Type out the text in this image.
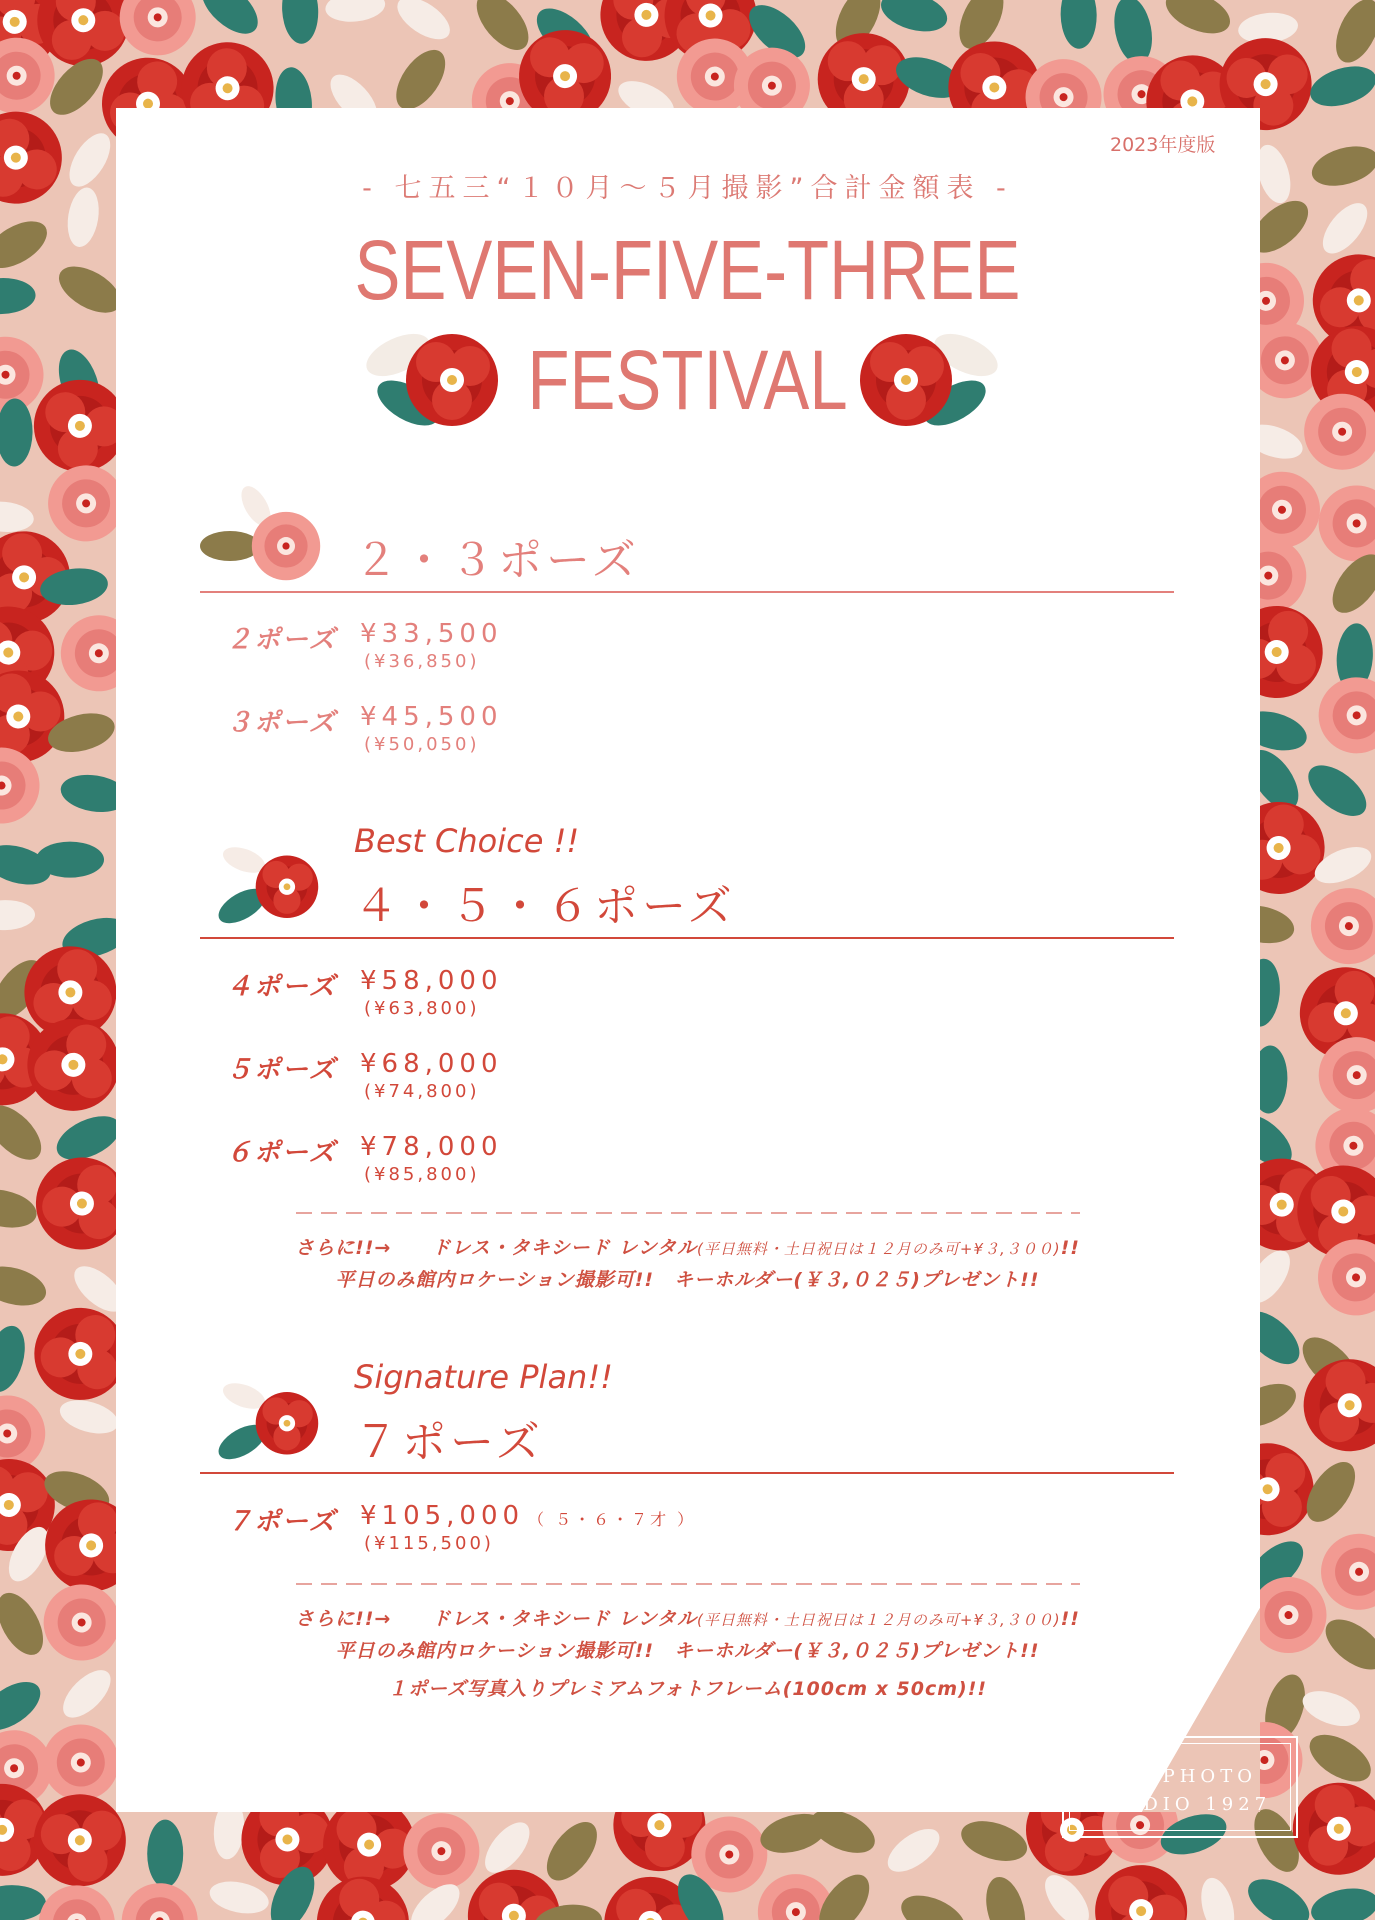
2023年度版
- 七五三“１０月～５月撮影”合計金額表 -
SEVEN-FIVE-THREE
FESTIVAL
２・３ポーズ
２ポーズ ¥33,500
(¥36,850)
３ポーズ ¥45,500
(¥50,050)
Best Choice !!
４・５・６ポーズ
４ポーズ ¥58,000
(¥63,800)
５ポーズ ¥68,000
(¥74,800)
６ポーズ ¥78,000
(¥85,800)
さらに!!→　　 ドレス・タキシード レンタル(平日無料・土日祝日は１２月のみ可+¥３,３００)!!
平日のみ館内ロケーション撮影可!!　キーホルダー(￥３,０２５)プレゼント!!
Signature Plan!!
７ポーズ
７ポーズ ¥105,000 （ ５・６・７才 ）
(¥115,500)
さらに!!→　　 ドレス・タキシード レンタル(平日無料・土日祝日は１２月のみ可+¥３,３００)!!
平日のみ館内ロケーション撮影可!!　キーホルダー(￥３,０２５)プレゼント!!
１ポーズ写真入りプレミアムフォトフレーム(100cm x 50cm)!!
ITO PHOTO
STUDIO 1927
